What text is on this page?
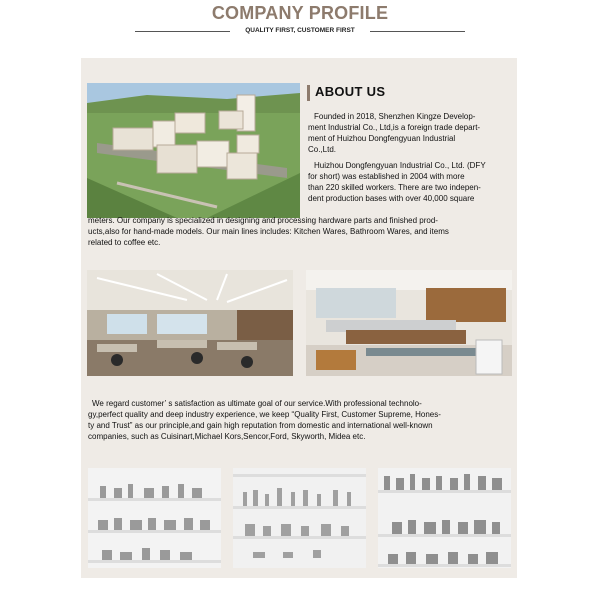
COMPANY PROFILE
QUALITY FIRST, CUSTOMER FIRST
ABOUT US
Founded in 2018, Shenzhen Kingze Develop-
ment Industrial Co., Ltd,is a foreign trade depart-
ment of Huizhou Dongfengyuan Industrial
Co.,Ltd.
Huizhou Dongfengyuan Industrial Co., Ltd. (DFY
for short) was established in 2004 with more
than 220 skilled workers. There are two indepen-
dent production bases with over 40,000 square
meters. Our company is specialized in designing and processing hardware parts and finished prod-
ucts,also for hand-made models. Our main lines includes: Kitchen Wares, Bathroom Wares, and items
related to coffee etc.
We regard customer’ s satisfaction as ultimate goal of our service.With professional technolo-
gy,perfect quality and deep industry experience, we keep “Quality First, Customer Supreme, Hones-
ty and Trust” as our principle,and gain high reputation from domestic and international well-known
companies, such as Cuisinart,Michael Kors,Sencor,Ford, Skyworth, Midea etc.
